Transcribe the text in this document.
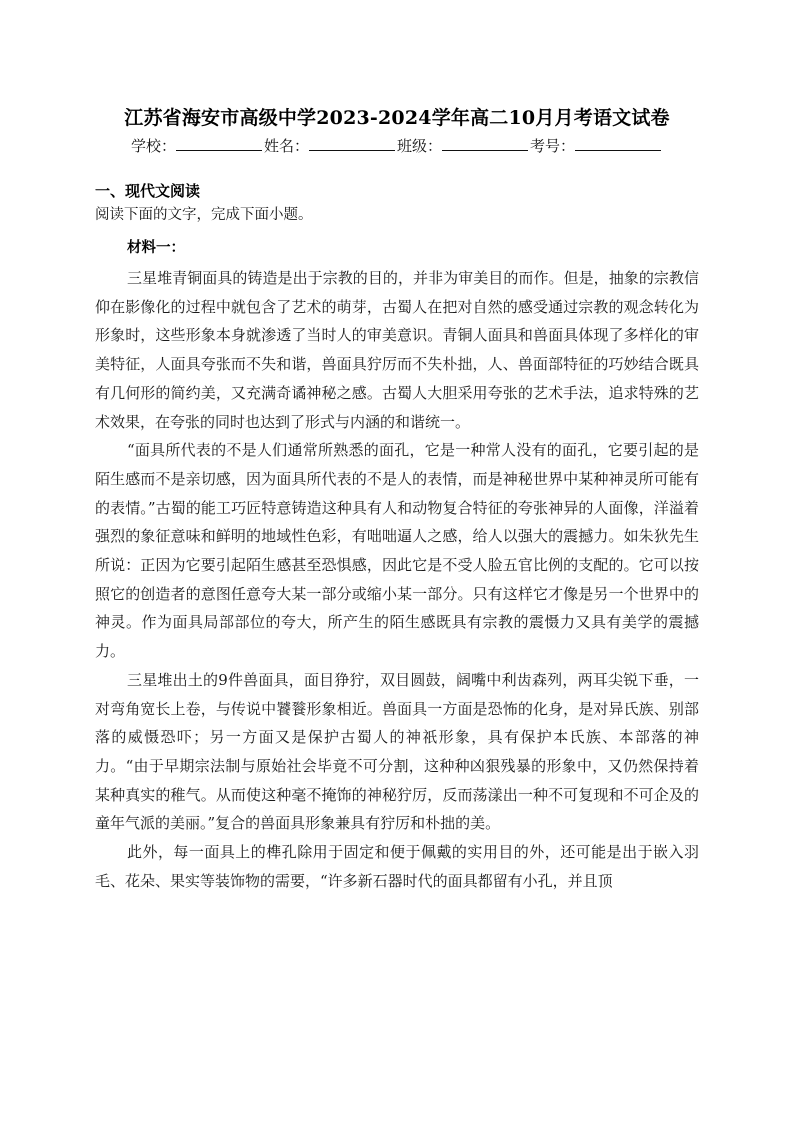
江苏省海安市高级中学2023-2024学年高二10月月考语文试卷
学校：	姓名：	班级：	考号：
一、现代文阅读
阅读下面的文字，完成下面小题。
材料一：

三星堆青铜面具的铸造是出于宗教的目的，并非为审美目的而作。但是，抽象的宗教信仰在影像化的过程中就包含了艺术的萌芽，古蜀人在把对自然的感受通过宗教的观念转化为形象时，这些形象本身就渗透了当时人的审美意识。青铜人面具和兽面具体现了多样化的审美特征，人面具夸张而不失和谐，兽面具狞厉而不失朴拙，人、兽面部特征的巧妙结合既具有几何形的简约美，又充满奇谲神秘之感。古蜀人大胆采用夸张的艺术手法，追求特殊的艺术效果，在夸张的同时也达到了形式与内涵的和谐统一。

“面具所代表的不是人们通常所熟悉的面孔，它是一种常人没有的面孔，它要引起的是陌生感而不是亲切感，因为面具所代表的不是人的表情，而是神秘世界中某种神灵所可能有的表情。”古蜀的能工巧匠特意铸造这种具有人和动物复合特征的夸张神异的人面像，洋溢着强烈的象征意味和鲜明的地域性色彩，有咄咄逼人之感，给人以强大的震撼力。如朱狄先生所说：正因为它要引起陌生感甚至恐惧感，因此它是不受人脸五官比例的支配的。它可以按照它的创造者的意图任意夸大某一部分或缩小某一部分。只有这样它才像是另一个世界中的神灵。作为面具局部部位的夸大，所产生的陌生感既具有宗教的震慑力又具有美学的震撼力。

三星堆出土的9件兽面具，面目狰狞，双目圆鼓，阔嘴中利齿森列，两耳尖锐下垂，一对弯角宽长上卷，与传说中饕餮形象相近。兽面具一方面是恐怖的化身，是对异氏族、别部落的威慑恐吓；另一方面又是保护古蜀人的神祇形象，具有保护本氏族、本部落的神力。“由于早期宗法制与原始社会毕竟不可分割，这种种凶狠残暴的形象中，又仍然保持着某种真实的稚气。从而使这种毫不掩饰的神秘狞厉，反而荡漾出一种不可复现和不可企及的童年气派的美丽。”复合的兽面具形象兼具有狞厉和朴拙的美。

此外，每一面具上的榫孔除用于固定和便于佩戴的实用目的外，还可能是出于嵌入羽毛、花朵、果实等装饰物的需要，“许多新石器时代的面具都留有小孔，并且顶
